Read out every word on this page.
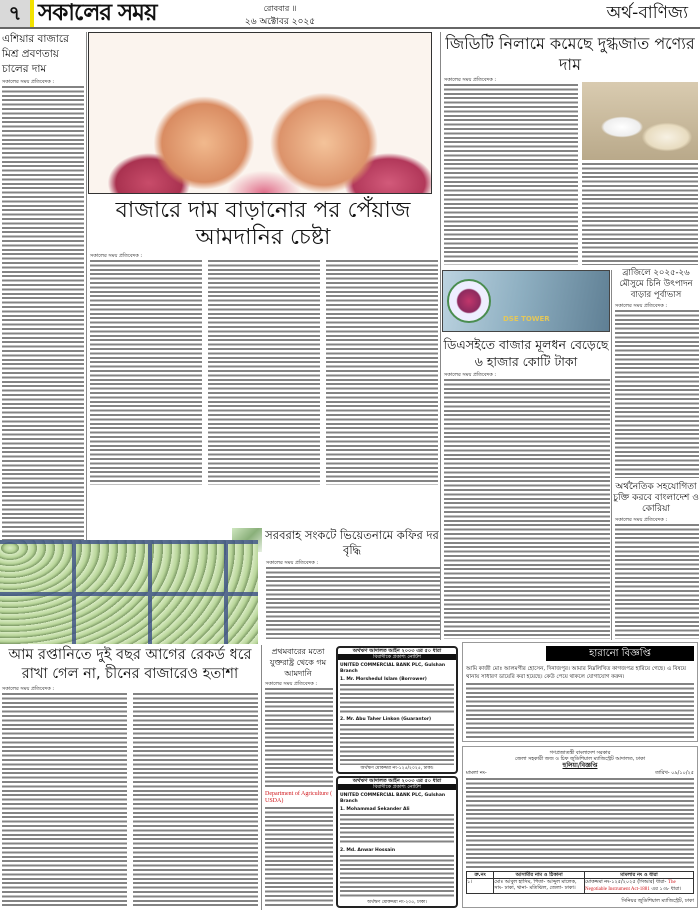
৭ সকালের সময়	রোববার ॥
২৬ অক্টোবর ২০২৫	অর্থ-বাণিজ্য
এশিয়ার বাজারে মিশ্র প্রবণতায় চালের দাম
সকালের সময় প্রতিবেদক :
বাজারে দাম বাড়ানোর পর পেঁয়াজ আমদানির চেষ্টা
সকালের সময় প্রতিবেদক :
জিডিটি নিলামে কমেছে দুগ্ধজাত পণ্যের দাম
সকালের সময় প্রতিবেদক :
DSE TOWER
ডিএসইতে বাজার মূলধন বেড়েছে ৬ হাজার কোটি টাকা
সকালের সময় প্রতিবেদক :
ব্রাজিলে ২০২৫-২৬ মৌসুমে চিনি উৎপাদন বাড়ার পূর্বাভাস
সকালের সময় প্রতিবেদক :
অর্থনৈতিক সহযোগিতা চুক্তি করবে বাংলাদেশ ও কোরিয়া
সকালের সময় প্রতিবেদক :
সরবরাহ সংকটে ভিয়েতনামে কফির দর বৃদ্ধি
সকালের সময় প্রতিবেদক :
আম রপ্তানিতে দুই বছর আগের রেকর্ড ধরে রাখা গেল না, চীনের বাজারেও হতাশা
সকালের সময় প্রতিবেদক :
প্রথমবারের মতো যুক্তরাষ্ট্র থেকে গম আমদানি
সকালের সময় প্রতিবেদক :
Department of Agriculture ( USDA)
অর্থঋণ আদালত আইন ২০০৩ এর ৫০ ধারা
বিবাদীকে প্রকাশ্য নোটিশ
UNITED COMMERCIAL BANK PLC, Gulshan Branch
1. Mr. Morshedul Islam (Borrower)
2. Mr. Abu Taher Linkon (Guarantor)
অর্থঋণ মোকদ্দমা নং-১২৫/২০২৫, ঢাকা।
অর্থঋণ আদালত আইন ২০০৩ এর ৫০ ধারা
বিবাদীকে প্রকাশ্য নোটিশ
UNITED COMMERCIAL BANK PLC, Gulshan Branch
1. Mohammad Sekander Ali
2. Md. Anwar Hossain
অর্থঋণ মোকদ্দমা নং-২০৫, ঢাকা।
হারানো বিজ্ঞপ্তি
আমি কাজী মোঃ আলমগীর হোসেন, দিনাজপুর। আমার নিম্নলিখিত কাগজপত্র হারিয়ে গেছে। এ বিষয়ে থানায় সাধারণ ডায়েরি করা হয়েছে। কেউ পেয়ে থাকলে যোগাযোগ করুন।
গণপ্রজাতন্ত্রী বাংলাদেশ সরকার
জেলা সহকারী জজ ও চিফ জুডিশিয়াল ম্যাজিস্ট্রেট আদালত, ঢাকা
হুলিয়া/বিজ্ঞপ্তি
মামলা নং-	তারিখ- ০৯/১০/২৫
ক্র.নং	আসামীর নাম ও ঠিকানা	মামলার নং ও ধারা
১।	মোঃ আবুল হাসিম, পিতা- আব্দুল মালেক, সাং- ঢাকা, থানা- মতিঝিল, জেলা- ঢাকা।	মোকদ্দমা নং-১২৫/২০২৫ (সিআর) ধারা- The Negotiable Instrument Act-1881 এর ১৩৮ ধারা।
সিনিয়র জুডিশিয়াল ম্যাজিস্ট্রেট, ঢাকা
